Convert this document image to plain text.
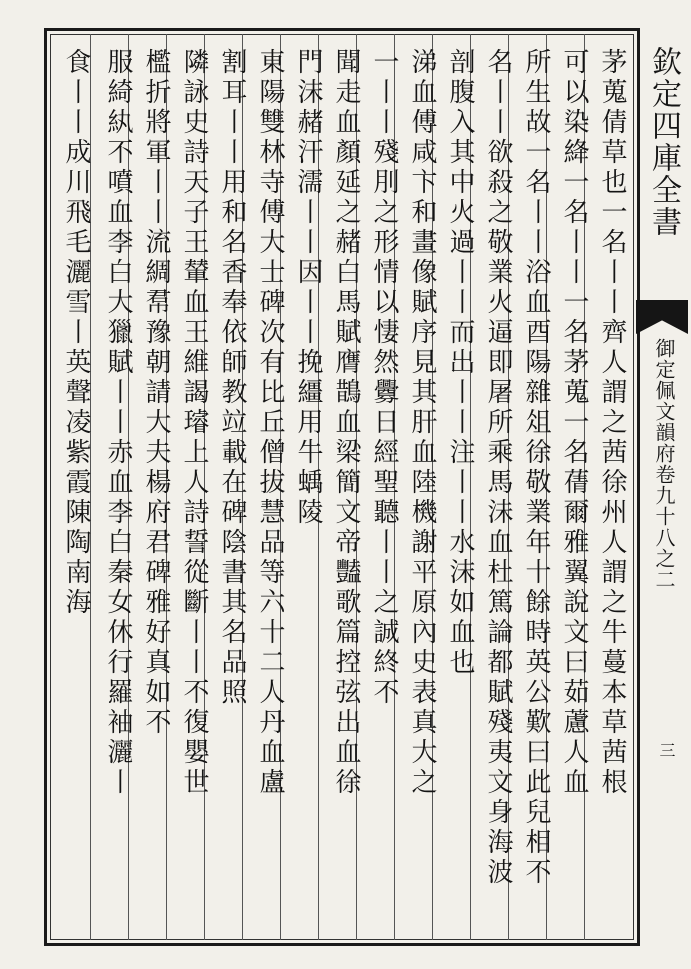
欽定四庫全書
御定佩文韻府卷九十八之二
三
茅蒐倩草也一名丨丨齊人謂之茜徐州人謂之牛蔓本草茜根
可以染絳一名丨丨一名茅蒐一名蒨爾雅翼說文曰茹藘人血
所生故一名丨丨浴血酉陽雜俎徐敬業年十餘時英公歎曰此兒相不
名丨丨欲殺之敬業火逼即屠所乘馬沬血杜篤論都賦殘夷文身海波
剖腹入其中火過丨丨而出丨丨注丨丨水沫如血也
涕血傅咸卞和畫像賦序見其肝血陸機謝平原內史表真大之
一丨丨殘刖之形情以悽然釁日經聖聽丨丨之誠終不
聞走血顏延之赭白馬賦膺鵲血梁簡文帝豔歌篇控弦出血徐
門沫赭汗濡丨丨因丨丨挽繮用牛蝺陵
東陽雙林寺傅大士碑次有比丘僧拔慧品等六十二人丹血盧
割耳丨丨用和名香奉依師教竝載在碑陰書其名品照
隣詠史詩天子王輦血王維謁璿上人詩誓從斷丨丨不復嬰世
檻折將軍丨丨流綢帬豫朝請大夫楊府君碑雅好真如不
服綺紈不噴血李白大獵賦丨丨赤血李白秦女休行羅袖灑丨
食丨丨成川飛毛灑雪丨英聲凌紫霞陳陶南海
